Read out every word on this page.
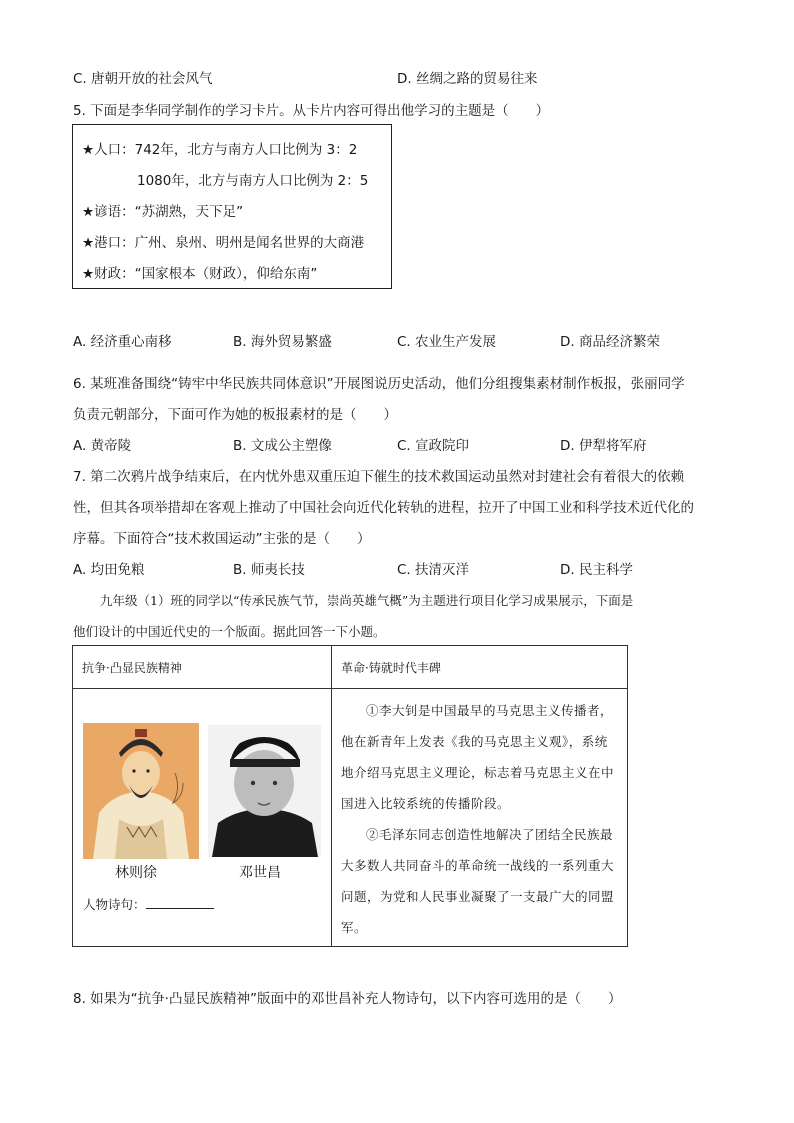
C. 唐朝开放的社会风气	D. 丝绸之路的贸易往来
5. 下面是李华同学制作的学习卡片。从卡片内容可得出他学习的主题是（　　）
★人口：742年，北方与南方人口比例为 3：2
1080年，北方与南方人口比例为 2：5
★谚语：“苏湖熟，天下足”
★港口：广州、泉州、明州是闻名世界的大商港
★财政：“国家根本（财政），仰给东南”
A. 经济重心南移	B. 海外贸易繁盛	C. 农业生产发展	D. 商品经济繁荣
6. 某班准备围绕“铸牢中华民族共同体意识”开展图说历史活动，他们分组搜集素材制作板报，张丽同学
负责元朝部分，下面可作为她的板报素材的是（　　）
A. 黄帝陵	B. 文成公主塑像	C. 宣政院印	D. 伊犁将军府
7. 第二次鸦片战争结束后，在内忧外患双重压迫下催生的技术救国运动虽然对封建社会有着很大的依赖
性，但其各项举措却在客观上推动了中国社会向近代化转轨的进程，拉开了中国工业和科学技术近代化的
序幕。下面符合“技术救国运动”主张的是（　　）
A. 均田免粮	B. 师夷长技	C. 扶清灭洋	D. 民主科学
九年级（1）班的同学以“传承民族气节，崇尚英雄气概”为主题进行项目化学习成果展示，下面是
他们设计的中国近代史的一个版面。据此回答一下小题。
抗争·凸显民族精神	革命·铸就时代丰碑
林则徐	邓世昌
人物诗句：
①李大钊是中国最早的马克思主义传播者，他在新青年上发表《我的马克思主义观》，系统地介绍马克思主义理论，标志着马克思主义在中国进入比较系统的传播阶段。
②毛泽东同志创造性地解决了团结全民族最大多数人共同奋斗的革命统一战线的一系列重大问题，为党和人民事业凝聚了一支最广大的同盟军。
8. 如果为“抗争·凸显民族精神”版面中的邓世昌补充人物诗句，以下内容可选用的是（　　）
